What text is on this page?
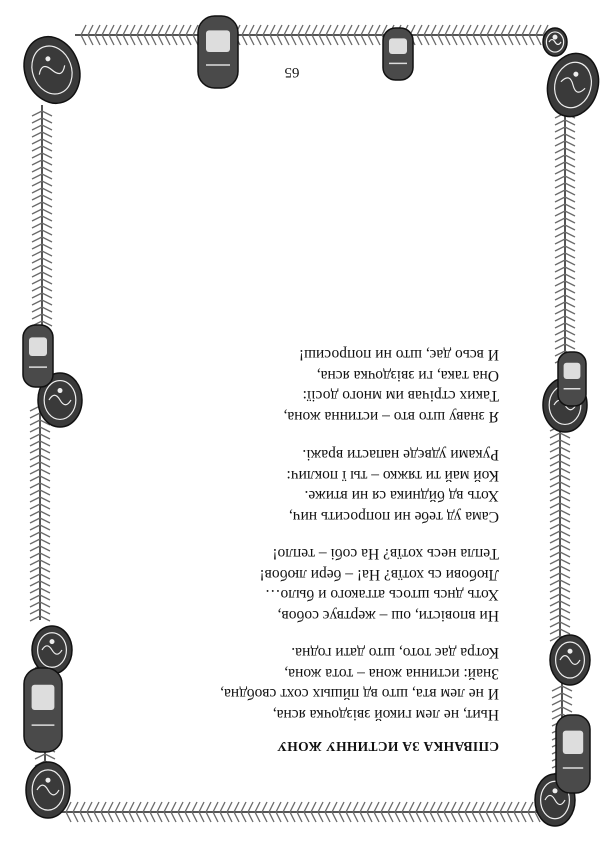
СПІВАНКА ЗА ИСТИННУ ЖОНУ
Ньит, не лем гикой звіздочка ясна,
И не лем вта, што вд пйшых сохт свобдна,
Знай: истинна жона – тота жона,
Котра дає тото, што дати годна.
Ни вповісти, ош – жертвує собов,
Хоть днсь штось атгакого и было…
Любови сь хотїв? На! – бери любов!
Тепла несь хотїв? На собі – тепло!
Сама уд тебе ни попросить нич,
Хоть вд бйдника ся ни втиже.
Кой май ти тяжко – ты ї поклич:
Руками удвєде напасти вражі.
Я знаву што вто – истинна жона,
Таких стрічав им много досії:
Она така, ги звіздочка ясна,
И всьо дає, што ни попросиш!
65
